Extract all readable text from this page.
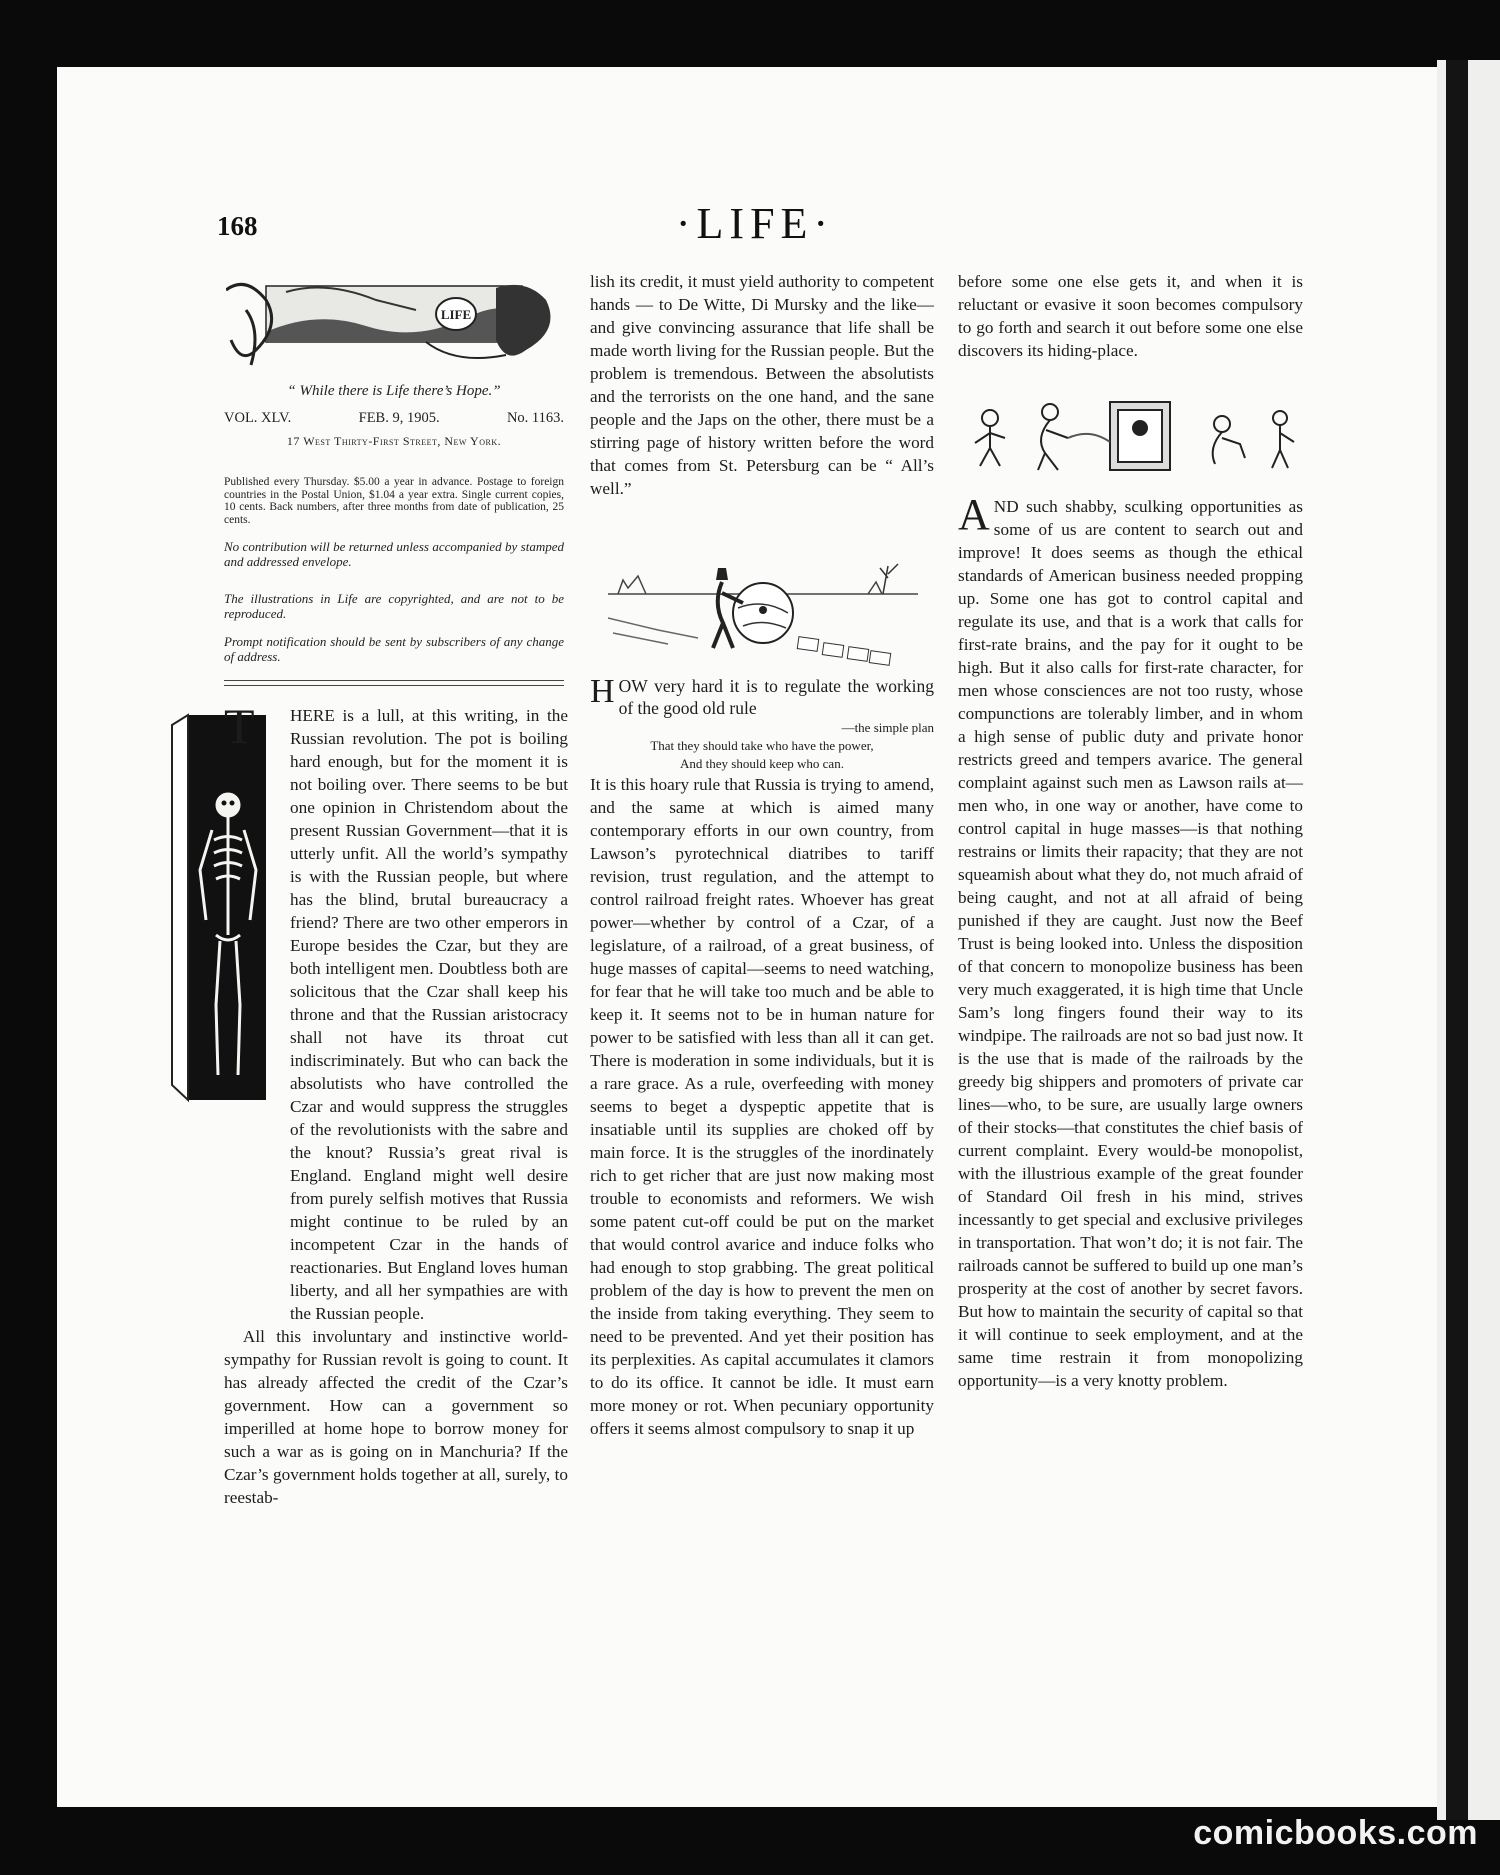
168	·LIFE·
LIFE
“ While there is Life there’s Hope.”
VOL. XLV.	FEB. 9, 1905.	No. 1163.
17 West Thirty-First Street, New York.
Published every Thursday. $5.00 a year in advance. Postage to foreign countries in the Postal Union, $1.04 a year extra. Single current copies, 10 cents. Back numbers, after three months from date of publication, 25 cents.
No contribution will be returned unless accompanied by stamped and addressed envelope.
The illustrations in Life are copyrighted, and are not to be reproduced.
Prompt notification should be sent by subscribers of any change of address.

T	HERE is a lull, at this writing, in the Russian revolution. The pot is boiling hard enough, but for the moment it is not boiling over. There seems to be but one opinion in Christendom about the present Russian Government—that it is utterly unfit. All the world’s sympathy is with the Russian people, but where has the blind, brutal bureaucracy a friend? There are two other emperors in Europe besides the Czar, but they are both intelligent men. Doubtless both are solicitous that the Czar shall keep his throne and that the Russian aristocracy shall not have its throat cut indiscriminately. But who can back the absolutists who have controlled the Czar and would suppress the struggles of the revolutionists with the sabre and the knout? Russia’s great rival is England. England might well desire from purely selfish motives that Russia might continue to be ruled by an incompetent Czar in the hands of reactionaries. But England loves human liberty, and all her sympathies are with the Russian people.

All this involuntary and instinctive world-sympathy for Russian revolt is going to count. It has already affected the credit of the Czar’s government. How can a government so imperilled at home hope to borrow money for such a war as is going on in Manchuria? If the Czar’s government holds together at all, surely, to reestab-

lish its credit, it must yield authority to competent hands — to De Witte, Di Mursky and the like—and give convincing assurance that life shall be made worth living for the Russian people. But the problem is tremendous. Between the absolutists and the terrorists on the one hand, and the sane people and the Japs on the other, there must be a stirring page of history written before the word that comes from St. Petersburg can be “ All’s well.”

HOW very hard it is to regulate the working of the good old rule

—the simple plan

That they should take who have the power,

And they should keep who can.

It is this hoary rule that Russia is trying to amend, and the same at which is aimed many contemporary efforts in our own country, from Lawson’s pyrotechnical diatribes to tariff revision, trust regulation, and the attempt to control railroad freight rates. Whoever has great power—whether by control of a Czar, of a legislature, of a railroad, of a great business, of huge masses of capital—seems to need watching, for fear that he will take too much and be able to keep it. It seems not to be in human nature for power to be satisfied with less than all it can get. There is moderation in some individuals, but it is a rare grace. As a rule, overfeeding with money seems to beget a dyspeptic appetite that is insatiable until its supplies are choked off by main force. It is the struggles of the inordinately rich to get richer that are just now making most trouble to economists and reformers. We wish some patent cut-off could be put on the market that would control avarice and induce folks who had enough to stop grabbing. The great political problem of the day is how to prevent the men on the inside from taking everything. They seem to need to be prevented. And yet their position has its perplexities. As capital accumulates it clamors to do its office. It cannot be idle. It must earn more money or rot. When pecuniary opportunity offers it seems almost compulsory to snap it up

before some one else gets it, and when it is reluctant or evasive it soon becomes compulsory to go forth and search it out before some one else discovers its hiding-place.

AND such shabby, sculking opportunities as some of us are content to search out and improve! It does seems as though the ethical standards of American business needed propping up. Some one has got to control capital and regulate its use, and that is a work that calls for first-rate brains, and the pay for it ought to be high. But it also calls for first-rate character, for men whose consciences are not too rusty, whose compunctions are tolerably limber, and in whom a high sense of public duty and private honor restricts greed and tempers avarice. The general complaint against such men as Lawson rails at—men who, in one way or another, have come to control capital in huge masses—is that nothing restrains or limits their rapacity; that they are not squeamish about what they do, not much afraid of being caught, and not at all afraid of being punished if they are caught. Just now the Beef Trust is being looked into. Unless the disposition of that concern to monopolize business has been very much exaggerated, it is high time that Uncle Sam’s long fingers found their way to its windpipe. The railroads are not so bad just now. It is the use that is made of the railroads by the greedy big shippers and promoters of private car lines—who, to be sure, are usually large owners of their stocks—that constitutes the chief basis of current complaint. Every would-be monopolist, with the illustrious example of the great founder of Standard Oil fresh in his mind, strives incessantly to get special and exclusive privileges in transportation. That won’t do; it is not fair. The railroads cannot be suffered to build up one man’s prosperity at the cost of another by secret favors. But how to maintain the security of capital so that it will continue to seek employment, and at the same time restrain it from monopolizing opportunity—is a very knotty problem.

comicbooks.com
